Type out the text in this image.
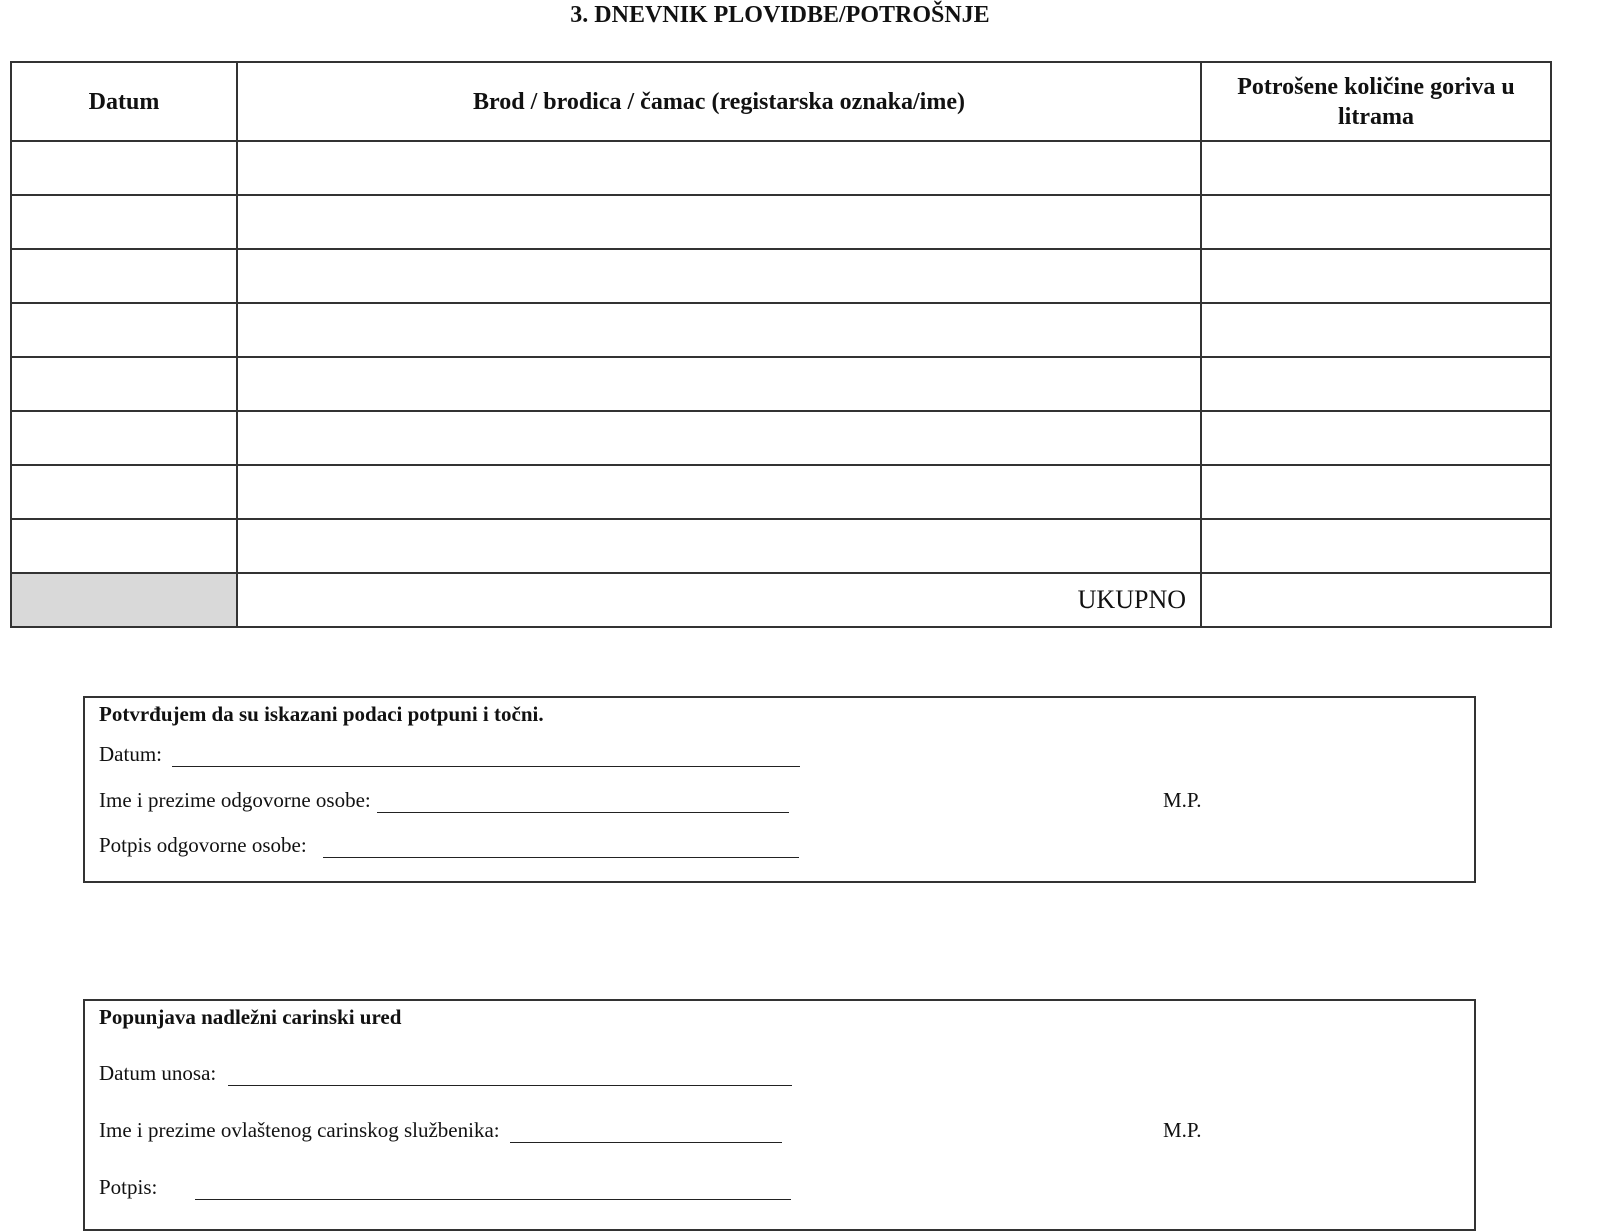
3. DNEVNIK PLOVIDBE/POTROŠNJE
Datum	Brod / brodica / čamac (registarska oznaka/ime)	Potrošene količine goriva u litrama

	UKUPNO	
Potvrđujem da su iskazani podaci potpuni i točni.
Datum:
Ime i prezime odgovorne osobe:	M.P.
Potpis odgovorne osobe:
Popunjava nadležni carinski ured
Datum unosa:
Ime i prezime ovlaštenog carinskog službenika:	M.P.
Potpis:
